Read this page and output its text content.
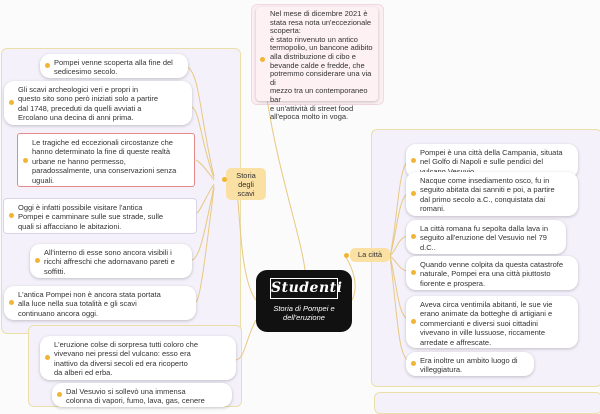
Nel mese di dicembre 2021 è
stata resa nota un'eccezionale
scoperta:
è stato rinvenuto un antico
termopolio, un bancone adibito
alla distribuzione di cibo e
bevande calde e fredde, che
potremmo considerare una via di
mezzo tra un contemporaneo bar
e un'attività di street food
all'epoca molto in voga.
Pompei venne scoperta alla fine del
sedicesimo secolo.
Gli scavi archeologici veri e propri in
questo sito sono però iniziati solo a partire
dal 1748, preceduti da quelli avviati a
Ercolano una decina di anni prima.
Le tragiche ed eccezionali circostanze che
hanno determinato la fine di queste realtà
urbane ne hanno permesso,
paradossalmente, una conservazioni senza
uguali.
Oggi è infatti possibile visitare l'antica
Pompei e camminare sulle sue strade, sulle
quali si affacciano le abitazioni.
All'interno di esse sono ancora visibili i
ricchi affreschi che adornavano pareti e
soffitti.
L'antica Pompei non è ancora stata portata
alla luce nella sua totalità e gli scavi
continuano ancora oggi.
Storia
degli
scavi
La città
Pompei è una città della Campania, situata
nel Golfo di Napoli e sulle pendici del
Nacque come insediamento osco, fu in
seguito abitata dai sanniti e poi, a partire
dal primo secolo a.C., conquistata dai
romani.
La città romana fu sepolta dalla lava in
seguito all'eruzione del Vesuvio nel 79
d.C..
Quando venne colpita da questa catastrofe
naturale, Pompei era una città piuttosto
fiorente e prospera.
Aveva circa ventimila abitanti, le sue vie
erano animate da botteghe di artigiani e
commercianti e diversi suoi cittadini
vivevano in ville lussuose, riccamente
arredate e affrescate.
Era inoltre un ambito luogo di
villeggiatura.
L'eruzione colse di sorpresa tutti coloro che
vivevano nei pressi del vulcano: esso era
inattivo da diversi secoli ed era ricoperto
da alberi ed erba.
Dal Vesuvio si sollevò una immensa
colonna di vapori, fumo, lava, gas, cenere
Studenti
Storia di Pompei e
dell'eruzione
